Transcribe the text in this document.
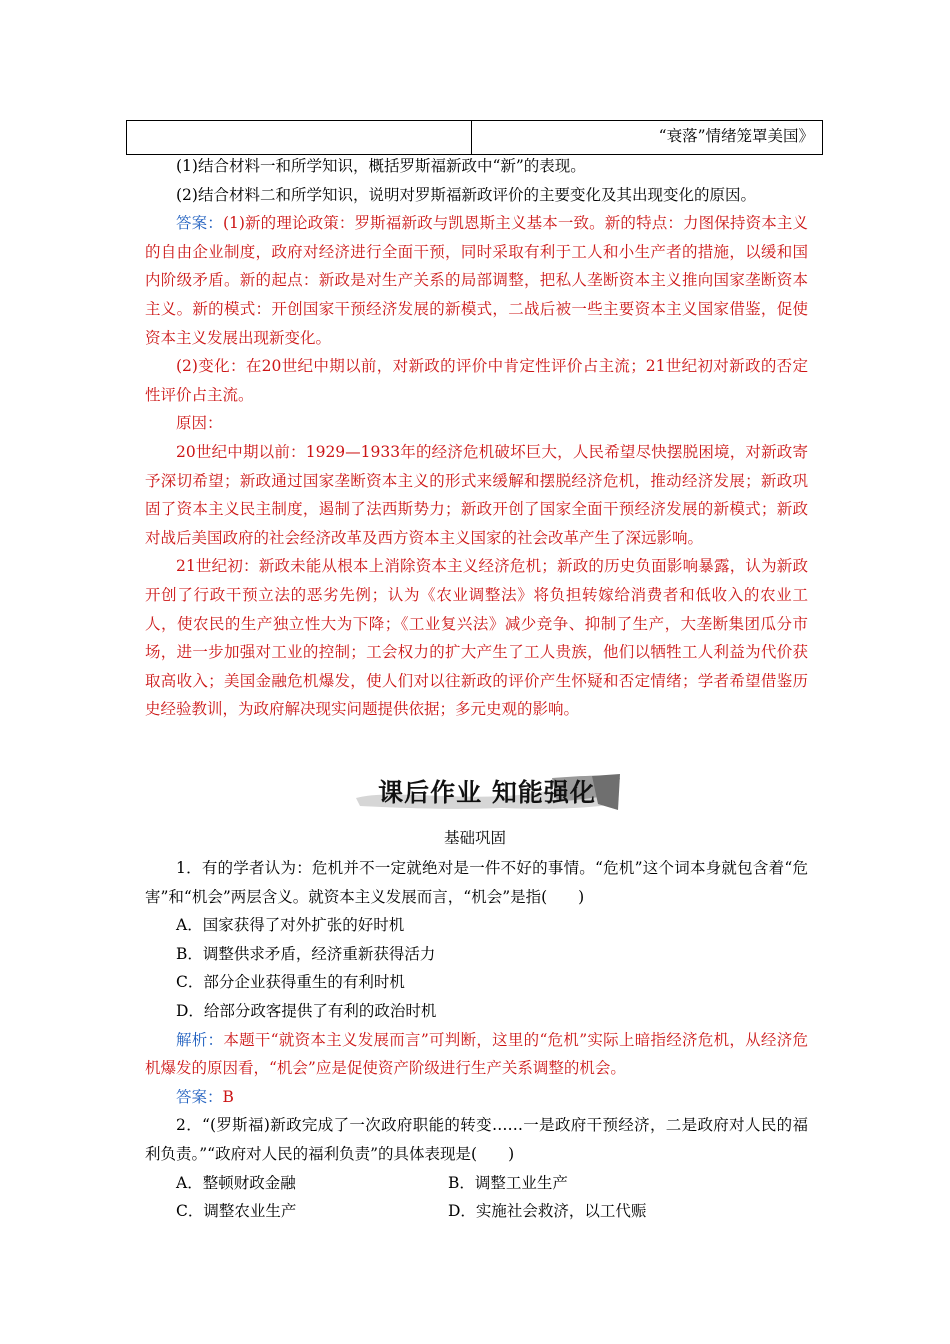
	“衰落”情绪笼罩美国》

(1)结合材料一和所学知识，概括罗斯福新政中“新”的表现。

(2)结合材料二和所学知识，说明对罗斯福新政评价的主要变化及其出现变化的原因。

答案：(1)新的理论政策：罗斯福新政与凯恩斯主义基本一致。新的特点：力图保持资本主义的自由企业制度，政府对经济进行全面干预，同时采取有利于工人和小生产者的措施，以缓和国内阶级矛盾。新的起点：新政是对生产关系的局部调整，把私人垄断资本主义推向国家垄断资本主义。新的模式：开创国家干预经济发展的新模式，二战后被一些主要资本主义国家借鉴，促使资本主义发展出现新变化。

(2)变化：在20世纪中期以前，对新政的评价中肯定性评价占主流；21世纪初对新政的否定性评价占主流。

原因：

20世纪中期以前：1929—1933年的经济危机破坏巨大，人民希望尽快摆脱困境，对新政寄予深切希望；新政通过国家垄断资本主义的形式来缓解和摆脱经济危机，推动经济发展；新政巩固了资本主义民主制度，遏制了法西斯势力；新政开创了国家全面干预经济发展的新模式；新政对战后美国政府的社会经济改革及西方资本主义国家的社会改革产生了深远影响。

21世纪初：新政未能从根本上消除资本主义经济危机；新政的历史负面影响暴露，认为新政开创了行政干预立法的恶劣先例；认为《农业调整法》将负担转嫁给消费者和低收入的农业工人，使农民的生产独立性大为下降；《工业复兴法》减少竞争、抑制了生产，大垄断集团瓜分市场，进一步加强对工业的控制；工会权力的扩大产生了工人贵族，他们以牺牲工人利益为代价获取高收入；美国金融危机爆发，使人们对以往新政的评价产生怀疑和否定情绪；学者希望借鉴历史经验教训，为政府解决现实问题提供依据；多元史观的影响。

课后作业 知能强化
基础巩固

1．有的学者认为：危机并不一定就绝对是一件不好的事情。“危机”这个词本身就包含着“危害”和“机会”两层含义。就资本主义发展而言，“机会”是指(　　)

A．国家获得了对外扩张的好时机

B．调整供求矛盾，经济重新获得活力

C．部分企业获得重生的有利时机

D．给部分政客提供了有利的政治时机

解析：本题干“就资本主义发展而言”可判断，这里的“危机”实际上暗指经济危机，从经济危机爆发的原因看，“机会”应是促使资产阶级进行生产关系调整的机会。

答案：B

2．“(罗斯福)新政完成了一次政府职能的转变……一是政府干预经济，二是政府对人民的福利负责。”“政府对人民的福利负责”的具体表现是(　　)

A．整顿财政金融	B．调整工业生产
C．调整农业生产	D．实施社会救济，以工代赈
